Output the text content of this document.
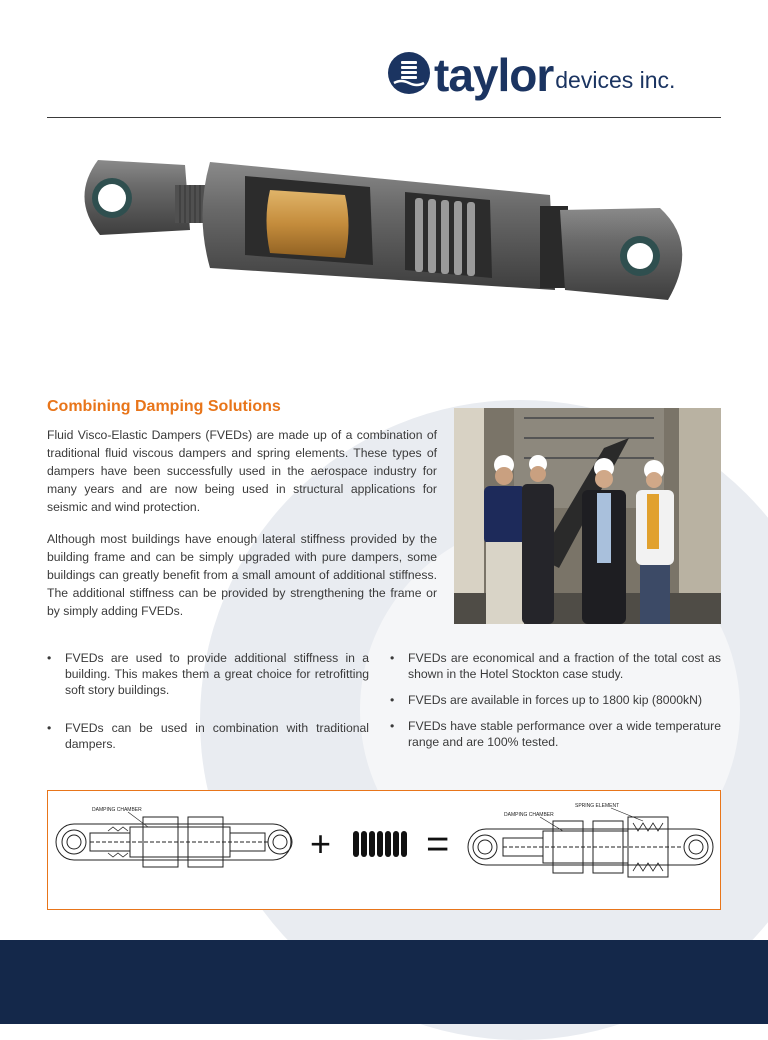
taylor devices inc.
Combining Damping Solutions

Fluid Visco-Elastic Dampers (FVEDs) are made up of a combination of traditional fluid viscous dampers and spring elements. These types of dampers have been successfully used in the aerospace industry for many years and are now being used in structural applications for seismic and wind protection.

Although most buildings have enough lateral stiffness provided by the building frame and can be simply upgraded with pure dampers, some buildings can greatly benefit from a small amount of additional stiffness. The additional stiffness can be provided by strengthening the frame or by simply adding FVEDs.

• FVEDs are used to provide additional stiffness in a building. This makes them a great choice for retrofitting soft story buildings.
• FVEDs can be used in combination with traditional dampers.
• FVEDs are economical and a fraction of the total cost as shown in the Hotel Stockton case study.
• FVEDs are available in forces up to 1800 kip (8000kN)
• FVEDs have stable performance over a wide temperature range and are 100% tested.
DAMPING CHAMBER
+ =
DAMPING CHAMBER
SPRING ELEMENT
